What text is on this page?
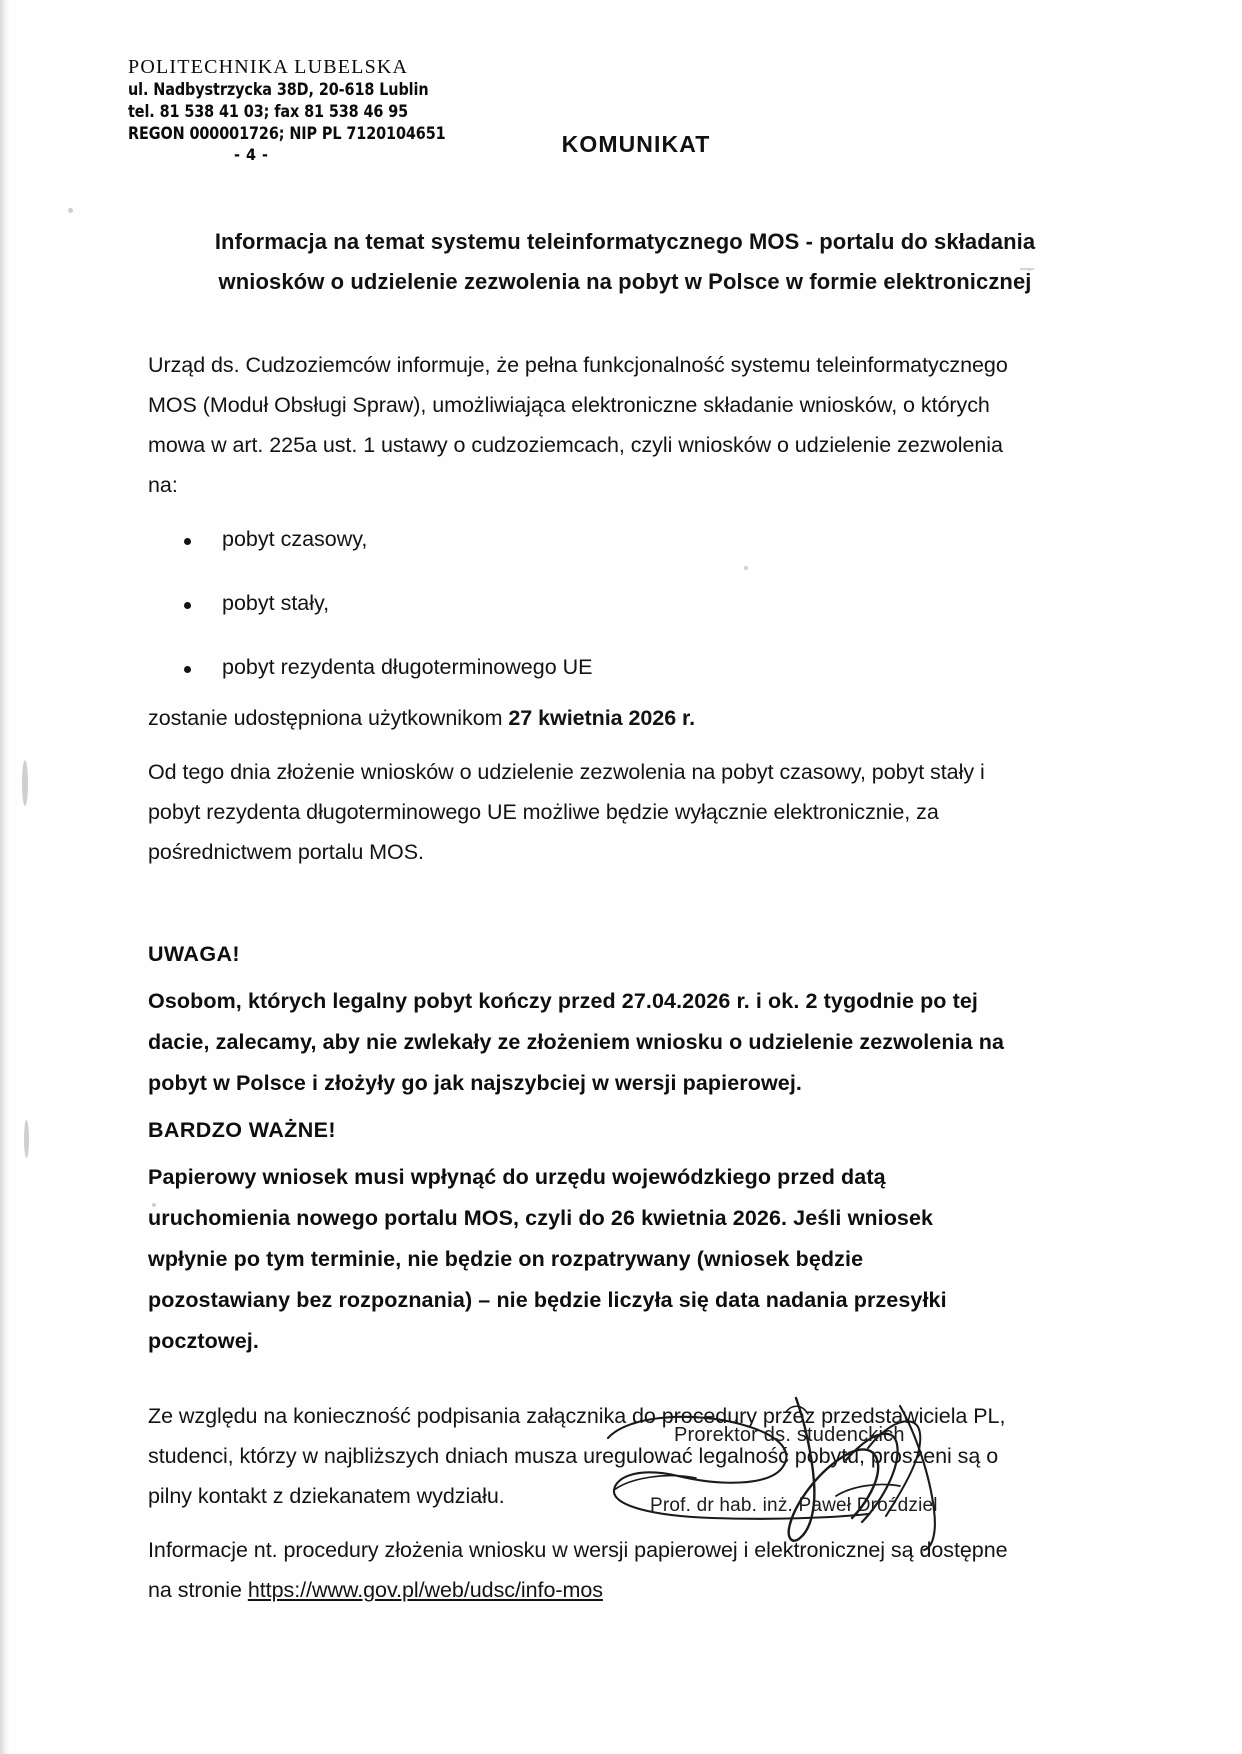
POLITECHNIKA LUBELSKA
ul. Nadbystrzycka 38D, 20-618 Lublin
tel. 81 538 41 03; fax 81 538 46 95
REGON 000001726; NIP PL 7120104651
- 4 -	KOMUNIKAT
Informacja na temat systemu teleinformatycznego MOS - portalu do składania
wniosków o udzielenie zezwolenia na pobyt w Polsce w formie elektronicznej

Urząd ds. Cudzoziemców informuje, że pełna funkcjonalność systemu teleinformatycznego MOS (Moduł Obsługi Spraw), umożliwiająca elektroniczne składanie wniosków, o których mowa w art. 225a ust. 1 ustawy o cudzoziemcach, czyli wniosków o udzielenie zezwolenia na:

pobyt czasowy,
pobyt stały,
pobyt rezydenta długoterminowego UE

zostanie udostępniona użytkownikom 27 kwietnia 2026 r.

Od tego dnia złożenie wniosków o udzielenie zezwolenia na pobyt czasowy, pobyt stały i pobyt rezydenta długoterminowego UE możliwe będzie wyłącznie elektronicznie, za pośrednictwem portalu MOS.

UWAGA!

Osobom, których legalny pobyt kończy przed 27.04.2026 r. i ok. 2 tygodnie po tej dacie, zalecamy, aby nie zwlekały ze złożeniem wniosku o udzielenie zezwolenia na pobyt w Polsce i złożyły go jak najszybciej w wersji papierowej.

BARDZO WAŻNE!

Papierowy wniosek musi wpłynąć do urzędu wojewódzkiego przed datą uruchomienia nowego portalu MOS, czyli do 26 kwietnia 2026. Jeśli wniosek wpłynie po tym terminie, nie będzie on rozpatrywany (wniosek będzie pozostawiany bez rozpoznania) – nie będzie liczyła się data nadania przesyłki pocztowej.

Ze względu na konieczność podpisania załącznika do procedury przez przedstawiciela PL, studenci, którzy w najbliższych dniach musza uregulować legalność pobytu, proszeni są o pilny kontakt z dziekanatem wydziału.

Informacje nt. procedury złożenia wniosku w wersji papierowej i elektronicznej są dostępne na stronie https://www.gov.pl/web/udsc/info-mos

Prorektor ds. studenckich
Prof. dr hab. inż. Paweł Droździel
